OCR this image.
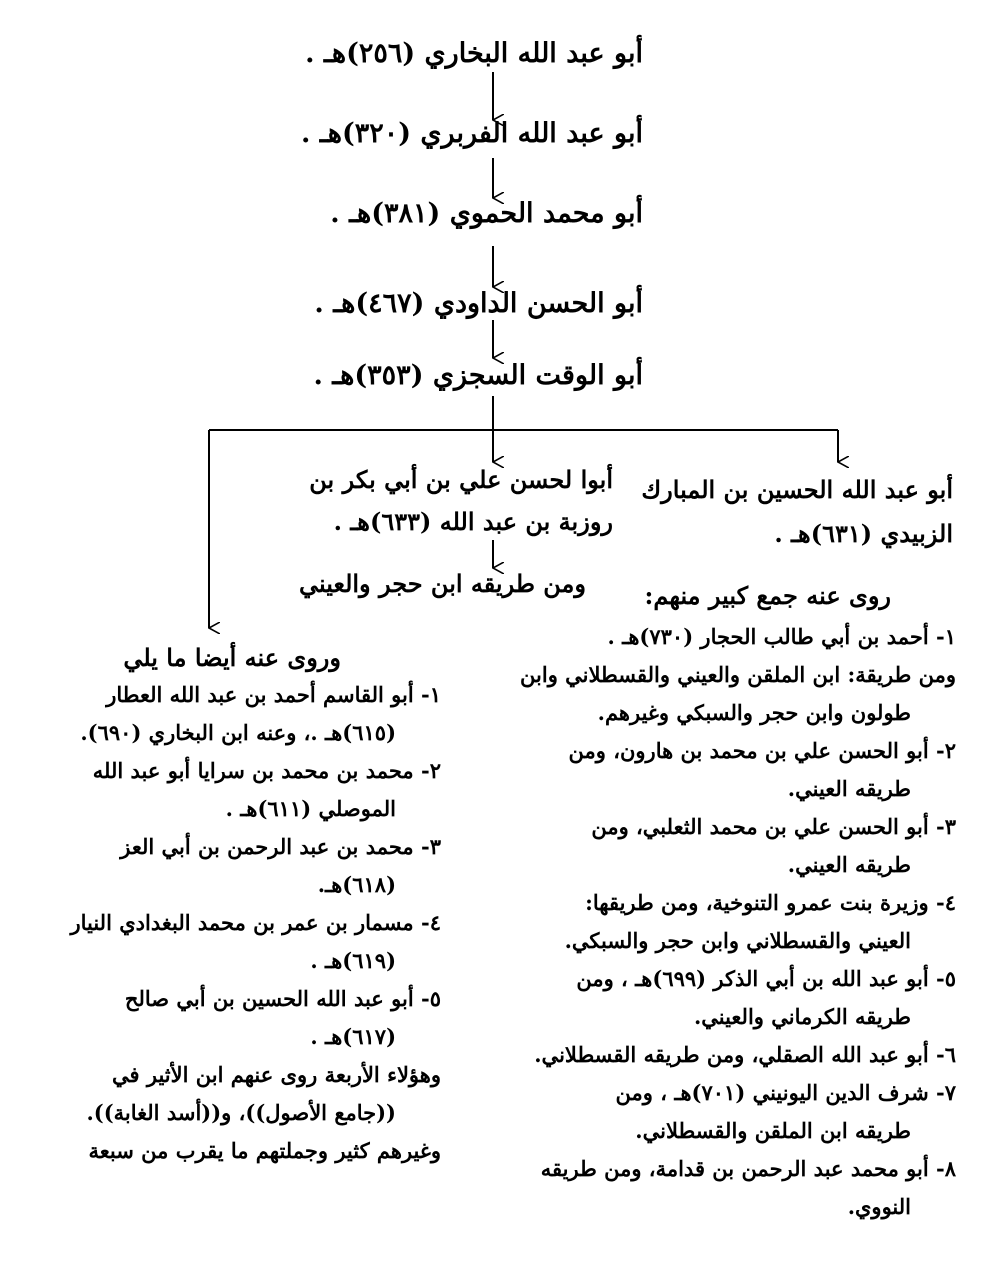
أبو عبد الله البخاري (٢٥٦)هـ .
أبو عبد الله الفربري (٣٢٠)هـ .
أبو محمد الحموي (٣٨١)هـ .
أبو الحسن الداودي (٤٦٧)هـ .
أبو الوقت السجزي (٣٥٣)هـ .
أبو عبد الله الحسين بن المبارك
الزبيدي (٦٣١)هـ .
أبوا لحسن علي بن أبي بكر بن
روزبة بن عبد الله (٦٣٣)هـ .
ومن طريقه ابن حجر والعيني روى عنه جمع كبير منهم:
١- أحمد بن أبي طالب الحجار (٧٣٠)هـ .
ومن طريقة: ابن الملقن والعيني والقسطلاني وابن
طولون وابن حجر والسبكي وغيرهم.
٢- أبو الحسن علي بن محمد بن هارون، ومن
طريقه العيني.
٣- أبو الحسن علي بن محمد الثعلبي، ومن
طريقه العيني.
٤- وزيرة بنت عمرو التنوخية، ومن طريقها:
العيني والقسطلاني وابن حجر والسبكي.
٥- أبو عبد الله بن أبي الذكر (٦٩٩)هـ ، ومن
طريقه الكرماني والعيني.
٦- أبو عبد الله الصقلي، ومن طريقه القسطلاني.
٧- شرف الدين اليونيني (٧٠١)هـ ، ومن
طريقه ابن الملقن والقسطلاني.
٨- أبو محمد عبد الرحمن بن قدامة، ومن طريقه
النووي.
وروى عنه أيضا ما يلي
١- أبو القاسم أحمد بن عبد الله العطار
(٦١٥)هـ .، وعنه ابن البخاري (٦٩٠).
٢- محمد بن محمد بن سرايا أبو عبد الله
الموصلي (٦١١)هـ .
٣- محمد بن عبد الرحمن بن أبي العز
(٦١٨)هـ.
٤- مسمار بن عمر بن محمد البغدادي النيار
(٦١٩)هـ .
٥- أبو عبد الله الحسين بن أبي صالح
(٦١٧)هـ .
وهؤلاء الأربعة روى عنهم ابن الأثير في
((جامع الأصول))، و((أسد الغابة)).
وغيرهم كثير وجملتهم ما يقرب من سبعة
